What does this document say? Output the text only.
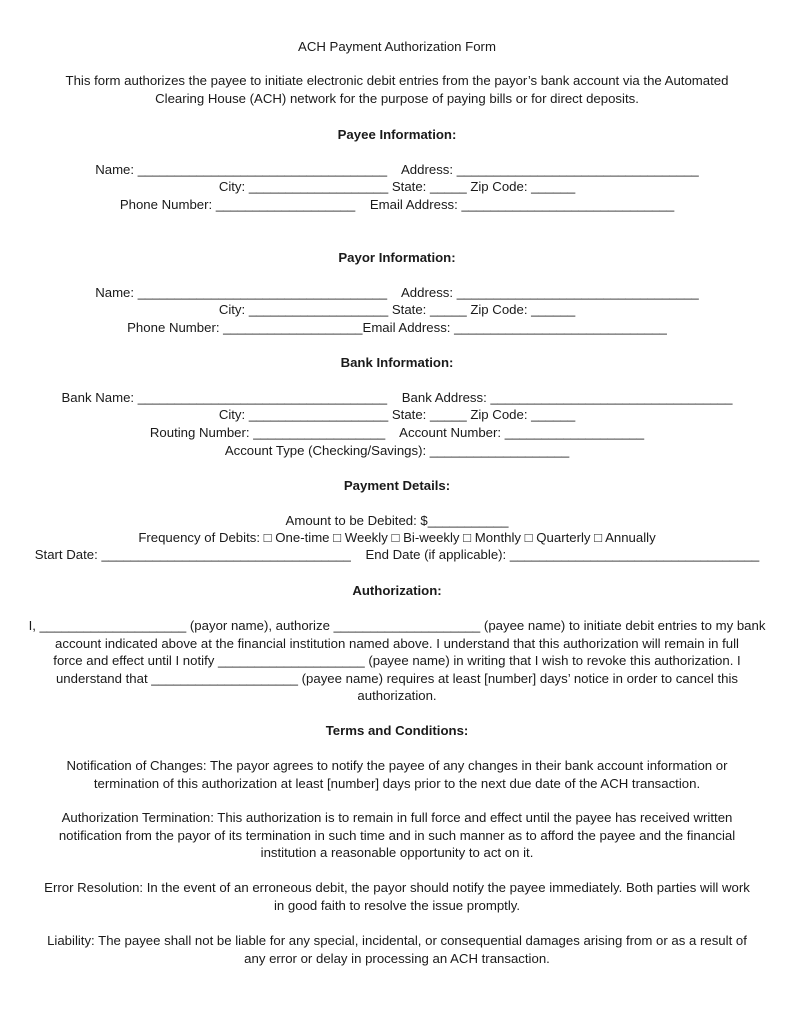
ACH Payment Authorization Form
This form authorizes the payee to initiate electronic debit entries from the payor’s bank account via the Automated
Clearing House (ACH) network for the purpose of paying bills or for direct deposits.
Payee Information:
Name: __________________________________    Address: _________________________________
City: ___________________ State: _____ Zip Code: ______
Phone Number: ___________________    Email Address: _____________________________
Payor Information:
Name: __________________________________    Address: _________________________________
City: ___________________ State: _____ Zip Code: ______
Phone Number: ___________________Email Address: _____________________________
Bank Information:
Bank Name: __________________________________    Bank Address: _________________________________
City: ___________________ State: _____ Zip Code: ______
Routing Number: __________________    Account Number: ___________________
Account Type (Checking/Savings): ___________________
Payment Details:
Amount to be Debited: $___________
Frequency of Debits: □ One-time □ Weekly □ Bi-weekly □ Monthly □ Quarterly □ Annually
Start Date: __________________________________    End Date (if applicable): __________________________________
Authorization:
I, ____________________ (payor name), authorize ____________________ (payee name) to initiate debit entries to my bank
account indicated above at the financial institution named above. I understand that this authorization will remain in full
force and effect until I notify ____________________ (payee name) in writing that I wish to revoke this authorization. I
understand that ____________________ (payee name) requires at least [number] days’ notice in order to cancel this
authorization.
Terms and Conditions:
Notification of Changes: The payor agrees to notify the payee of any changes in their bank account information or
termination of this authorization at least [number] days prior to the next due date of the ACH transaction.
Authorization Termination: This authorization is to remain in full force and effect until the payee has received written
notification from the payor of its termination in such time and in such manner as to afford the payee and the financial
institution a reasonable opportunity to act on it.
Error Resolution: In the event of an erroneous debit, the payor should notify the payee immediately. Both parties will work
in good faith to resolve the issue promptly.
Liability: The payee shall not be liable for any special, incidental, or consequential damages arising from or as a result of
any error or delay in processing an ACH transaction.
